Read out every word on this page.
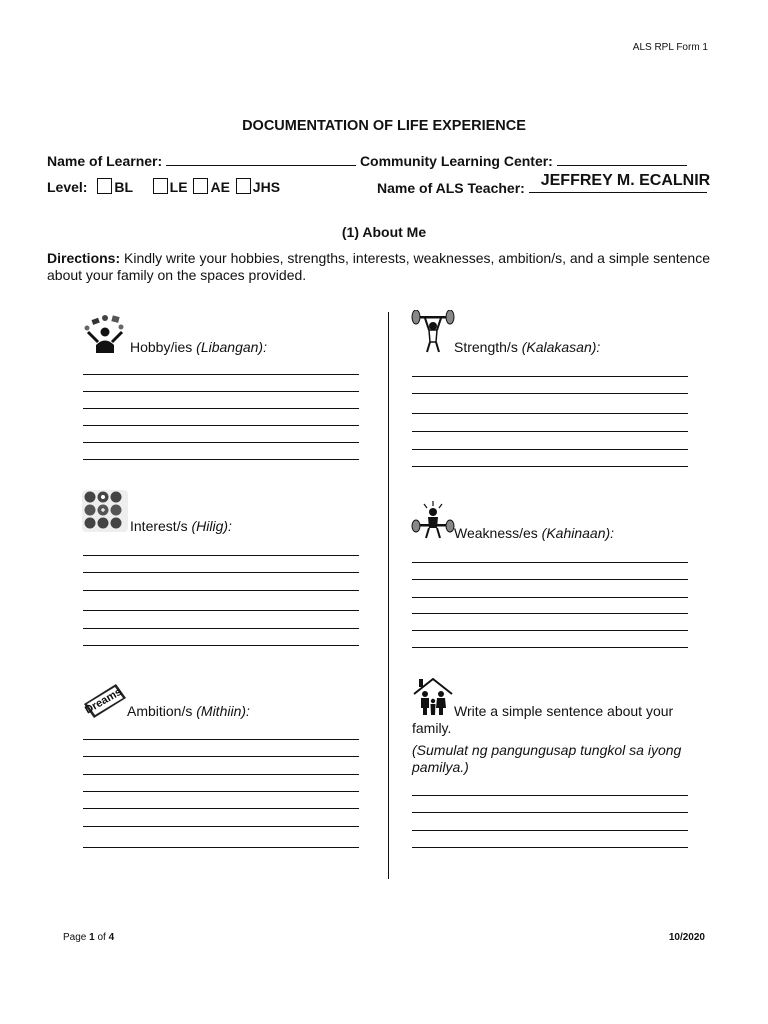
ALS RPL Form 1
DOCUMENTATION OF LIFE EXPERIENCE
Name of Learner:	Community Learning Center:
Level: BL	LE AE JHS	Name of ALS Teacher: JEFFREY M. ECALNIR
(1) About Me
Directions: Kindly write your hobbies, strengths, interests, weaknesses, ambition/s, and a simple sentence about your family on the spaces provided.
Hobby/ies (Libangan):	Strength/s (Kalakasan):
Interest/s (Hilig):	Weakness/es (Kahinaan):
Dreams Ambition/s (Mithiin):	Write a simple sentence about your family.
(Sumulat ng pangungusap tungkol sa iyong pamilya.)
Page 1 of 4	10/2020
